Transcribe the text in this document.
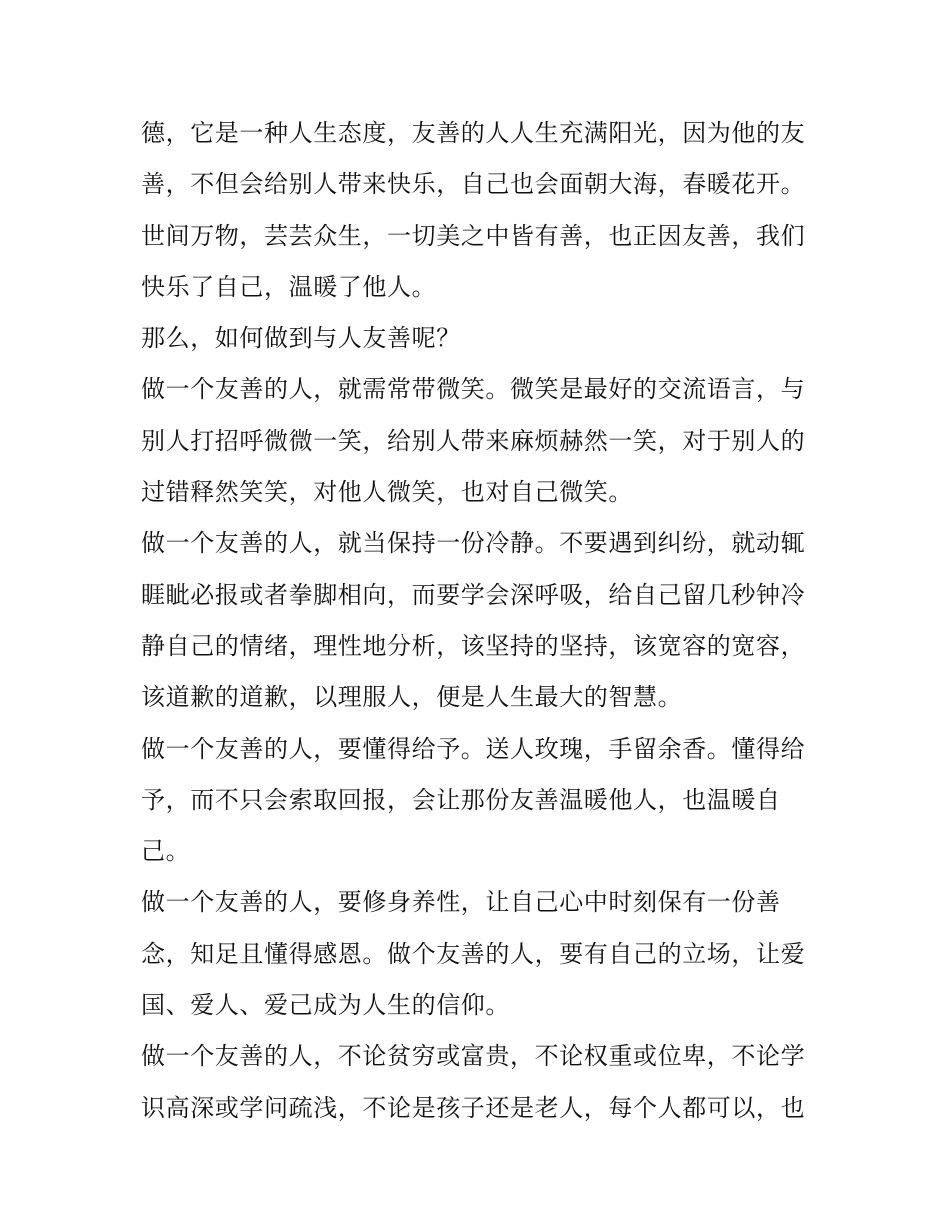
德，它是一种人生态度，友善的人人生充满阳光，因为他的友
善，不但会给别人带来快乐，自己也会面朝大海，春暖花开。
世间万物，芸芸众生，一切美之中皆有善，也正因友善，我们
快乐了自己，温暖了他人。
那么，如何做到与人友善呢？
做一个友善的人，就需常带微笑。微笑是最好的交流语言，与
别人打招呼微微一笑，给别人带来麻烦赫然一笑，对于别人的
过错释然笑笑，对他人微笑，也对自己微笑。
做一个友善的人，就当保持一份冷静。不要遇到纠纷，就动辄
睚眦必报或者拳脚相向，而要学会深呼吸，给自己留几秒钟冷
静自己的情绪，理性地分析，该坚持的坚持，该宽容的宽容，
该道歉的道歉，以理服人，便是人生最大的智慧。
做一个友善的人，要懂得给予。送人玫瑰，手留余香。懂得给
予，而不只会索取回报，会让那份友善温暖他人，也温暖自
己。
做一个友善的人，要修身养性，让自己心中时刻保有一份善
念，知足且懂得感恩。做个友善的人，要有自己的立场，让爱
国、爱人、爱己成为人生的信仰。
做一个友善的人，不论贫穷或富贵，不论权重或位卑，不论学
识高深或学问疏浅，不论是孩子还是老人，每个人都可以，也
